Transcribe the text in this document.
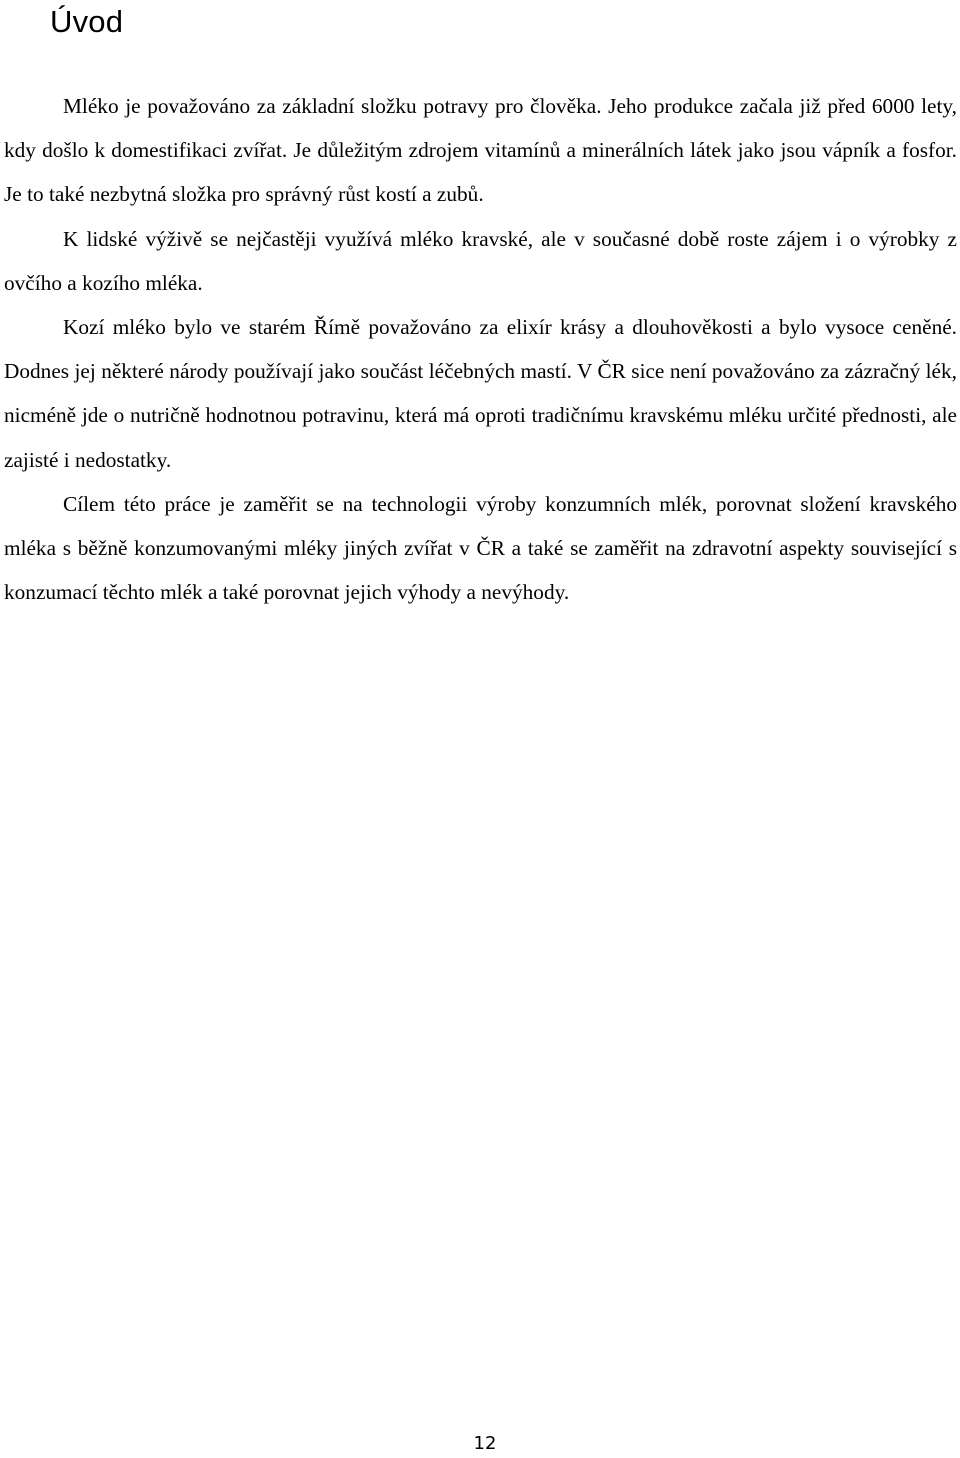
Úvod

Mléko je považováno za základní složku potravy pro člověka. Jeho produkce začala již před 6000 lety, kdy došlo k domestifikaci zvířat. Je důležitým zdrojem vitamínů a minerálních látek jako jsou vápník a fosfor. Je to také nezbytná složka pro správný růst kostí a zubů.

K lidské výživě se nejčastěji využívá mléko kravské, ale v současné době roste zájem i o výrobky z ovčího a kozího mléka.

Kozí mléko bylo ve starém Římě považováno za elixír krásy a dlouhověkosti a bylo vysoce ceněné. Dodnes jej některé národy používají jako součást léčebných mastí. V ČR sice není považováno za zázračný lék, nicméně jde o nutričně hodnotnou potravinu, která má oproti tradičnímu kravskému mléku určité přednosti, ale zajisté i nedostatky.

Cílem této práce je zaměřit se na technologii výroby konzumních mlék, porovnat složení kravského mléka s běžně konzumovanými mléky jiných zvířat v ČR a také se zaměřit na zdravotní aspekty související s konzumací těchto mlék a také porovnat jejich výhody a nevýhody.

12
